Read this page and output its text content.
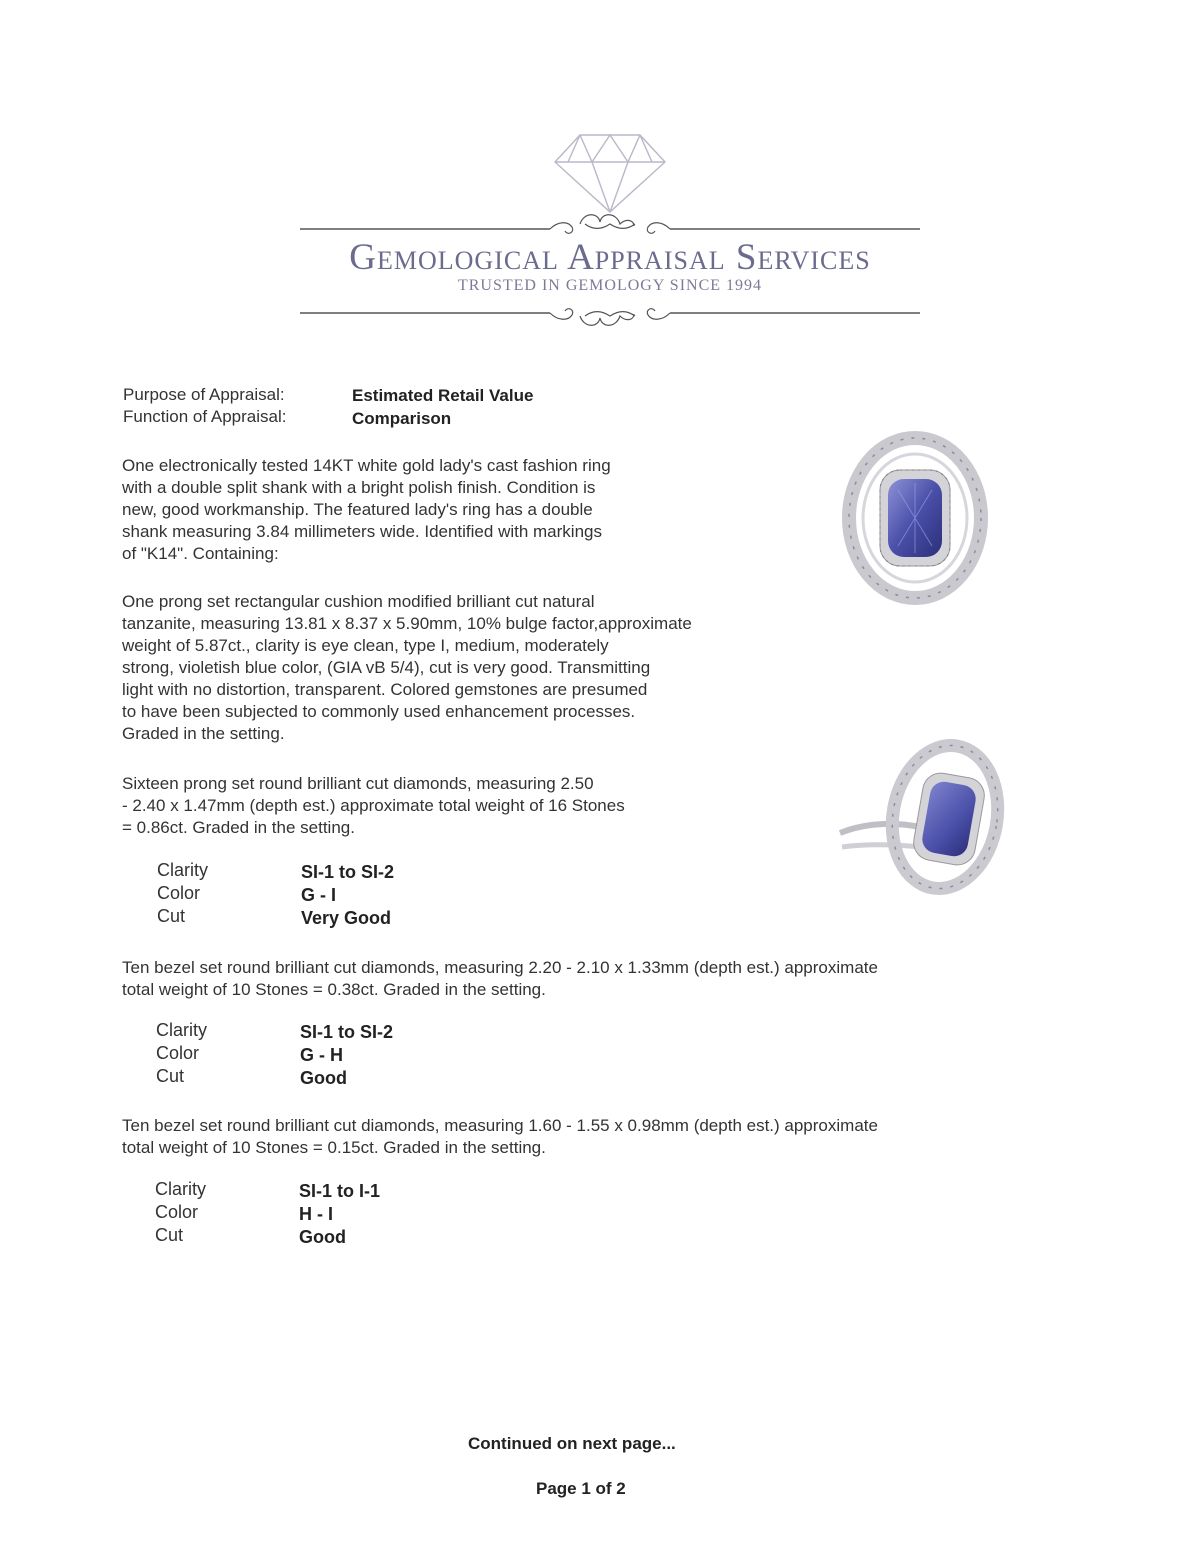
Gemological Appraisal Services
TRUSTED IN GEMOLOGY SINCE 1994
Purpose of Appraisal:	Estimated Retail Value
Function of Appraisal:	Comparison
One electronically tested 14KT white gold lady's cast fashion ring
with a double split shank with a bright polish finish. Condition is
new, good workmanship. The featured lady's ring has a double
shank measuring 3.84 millimeters wide. Identified with markings
of "K14". Containing:
One prong set rectangular cushion modified brilliant cut natural
tanzanite, measuring 13.81 x 8.37 x 5.90mm, 10% bulge factor,approximate
weight of 5.87ct., clarity is eye clean, type I, medium, moderately
strong, violetish blue color, (GIA vB 5/4), cut is very good. Transmitting
light with no distortion, transparent. Colored gemstones are presumed
to have been subjected to commonly used enhancement processes.
Graded in the setting.
Sixteen prong set round brilliant cut diamonds, measuring 2.50
- 2.40 x 1.47mm (depth est.) approximate total weight of 16 Stones
= 0.86ct. Graded in the setting.
Clarity	SI-1 to SI-2
Color	G - I
Cut	Very Good
Ten bezel set round brilliant cut diamonds, measuring 2.20 - 2.10 x 1.33mm (depth est.) approximate
total weight of 10 Stones = 0.38ct. Graded in the setting.
Clarity	SI-1 to SI-2
Color	G - H
Cut	Good
Ten bezel set round brilliant cut diamonds, measuring 1.60 - 1.55 x 0.98mm (depth est.) approximate
total weight of 10 Stones = 0.15ct. Graded in the setting.
Clarity	SI-1 to I-1
Color	H - I
Cut	Good
Continued on next page...
Page 1 of 2
